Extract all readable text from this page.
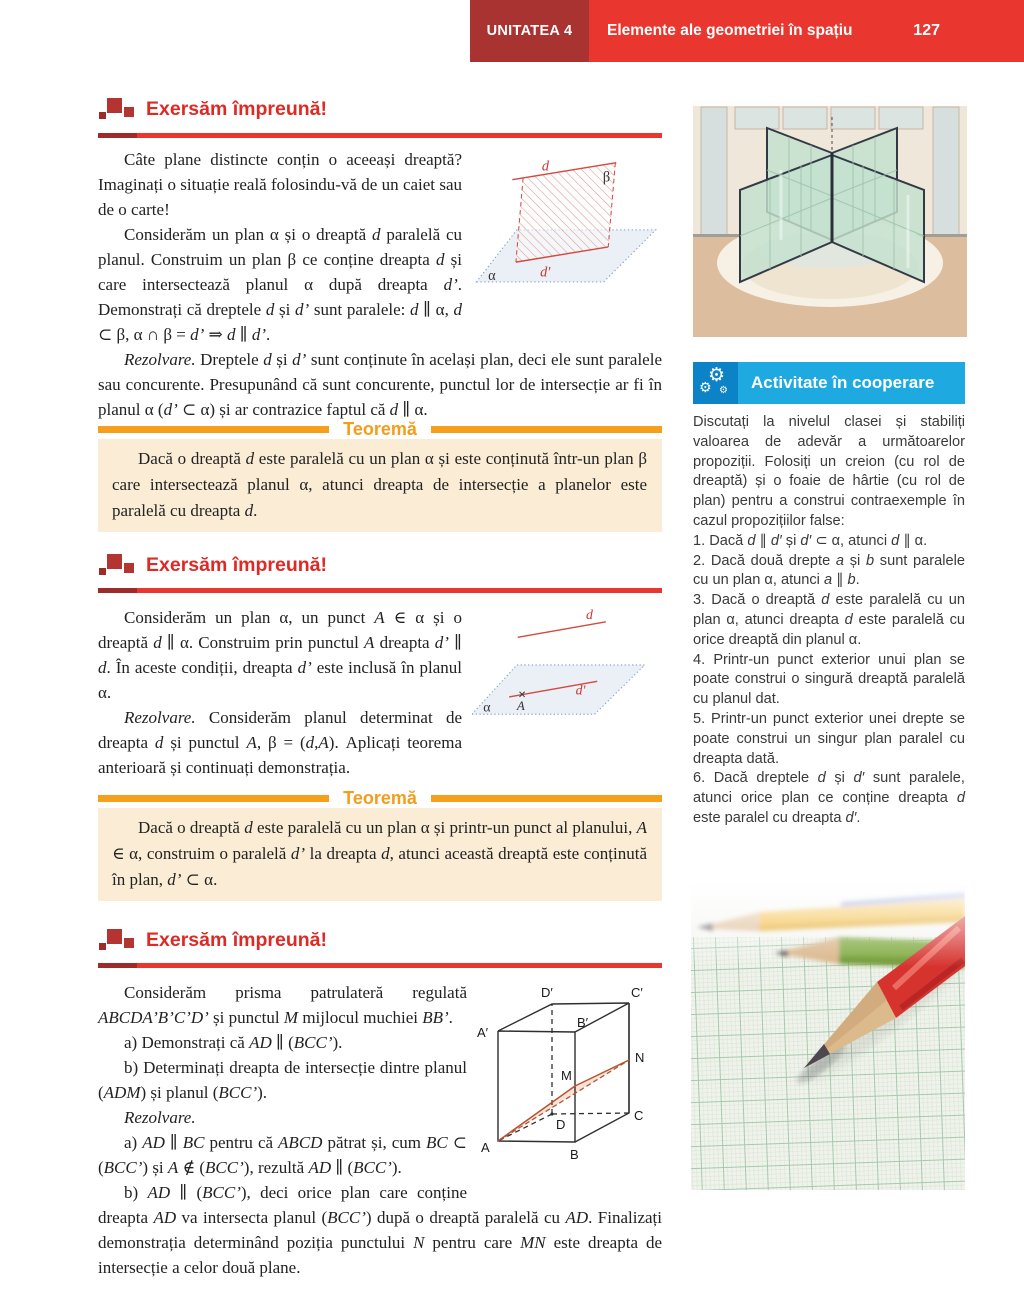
UNITATEA 4	Elemente ale geometriei în spațiu	127
Exersăm împreună!
d
β
d′
α

Câte plane distincte conțin o aceeași dreaptă? Imaginați o situație reală folosindu-vă de un caiet sau de o carte!

Considerăm un plan α și o dreaptă d paralelă cu planul. Construim un plan β ce conține dreapta d și care intersectează planul α după dreapta d’. Demonstrați că dreptele d și d’ sunt paralele: d ∥ α, d ⊂ β, α ∩ β = d’ ⇒ d ∥ d’.

Rezolvare. Dreptele d și d’ sunt conținute în același plan, deci ele sunt paralele sau concurente. Presupunând că sunt concurente, punctul lor de intersecție ar fi în planul α (d’ ⊂ α) și ar contrazice faptul că d ∥ α.

Teoremă

Dacă o dreaptă d este paralelă cu un plan α și este conținută într-un plan β care intersectează planul α, atunci dreapta de intersecție a planelor este paralelă cu dreapta d.

Exersăm împreună!
d
d′
A
α

Considerăm un plan α, un punct A ∈ α și o dreaptă d ∥ α. Construim prin punctul A dreapta d’ ∥ d. În aceste condiții, dreapta d’ este inclusă în planul α.

Rezolvare. Considerăm planul determinat de dreapta d și punctul A, β = (d,A). Aplicați teorema anterioară și continuați demonstrația.

Teoremă

Dacă o dreaptă d este paralelă cu un plan α și printr-un punct al planului, A ∈ α, construim o paralelă d’ la dreapta d, atunci această dreaptă este conținută în plan, d’ ⊂ α.

Exersăm împreună!
A′
D′
B′
C′
N
M
C
D
A	B

Considerăm prisma patrulateră regulată ABCDA’B’C’D’ și punctul M mijlocul muchiei BB’.

a) Demonstrați că AD ∥ (BCC’).

b) Determinați dreapta de intersecție dintre planul (ADM) și planul (BCC’).

Rezolvare.

a) AD ∥ BC pentru că ABCD pătrat și, cum BC ⊂ (BCC’) și A ∉ (BCC’), rezultă AD ∥ (BCC’).

b) AD ∥ (BCC’), deci orice plan care conține dreapta AD va intersecta planul (BCC’) după o dreaptă paralelă cu AD. Finalizați demonstrația determinând poziția punctului N pentru care MN este dreapta de intersecție a celor două plane.

⚙
⚙ ⚙	Activitate în cooperare

Discutați la nivelul clasei și stabiliți valoarea de adevăr a următoarelor propoziții. Folosiți un creion (cu rol de dreaptă) și o foaie de hârtie (cu rol de plan) pentru a construi contraexemple în cazul propozițiilor false:

1. Dacă d ∥ d′ și d′ ⊂ α, atunci d ∥ α.

2. Dacă două drepte a și b sunt paralele cu un plan α, atunci a ∥ b.

3. Dacă o dreaptă d este paralelă cu un plan α, atunci dreapta d este paralelă cu orice dreaptă din planul α.

4. Printr-un punct exterior unui plan se poate construi o singură dreaptă paralelă cu planul dat.

5. Printr-un punct exterior unei drepte se poate construi un singur plan paralel cu dreapta dată.

6. Dacă dreptele d și d′ sunt paralele, atunci orice plan ce conține dreapta d este paralel cu dreapta d′.
